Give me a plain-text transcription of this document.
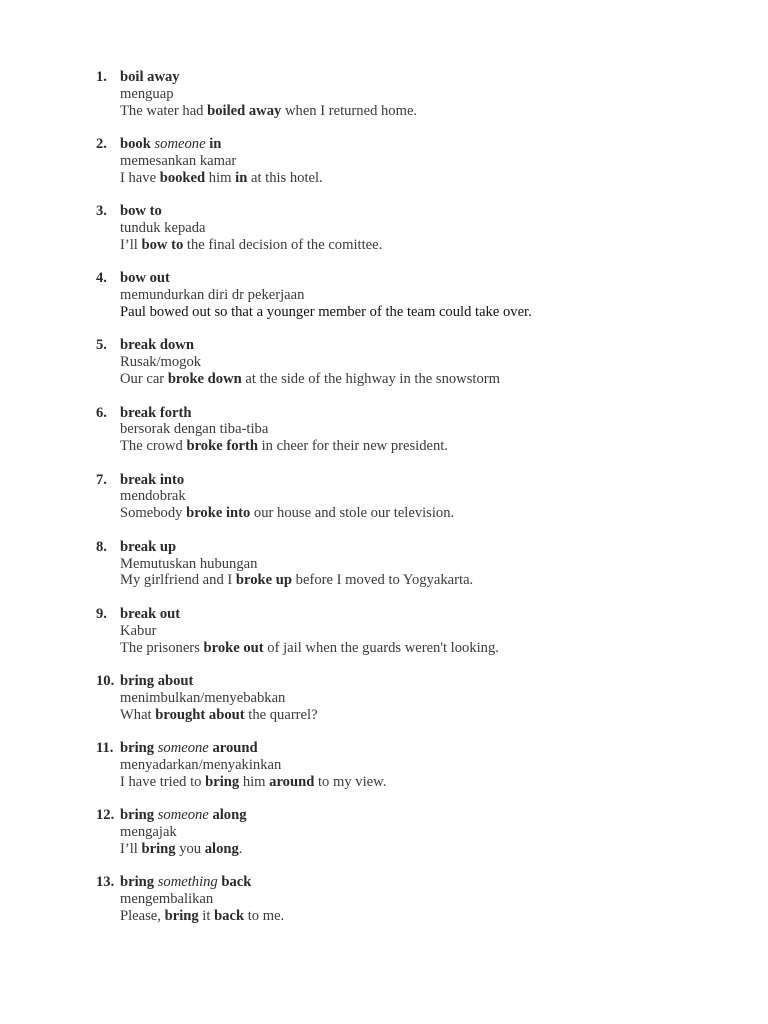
1. boil away
menguap
The water had boiled away when I returned home.
2. book someone in
memesankan kamar
I have booked him in at this hotel.
3. bow to
tunduk kepada
I’ll bow to the final decision of the comittee.
4. bow out
memundurkan diri dr pekerjaan
Paul bowed out so that a younger member of the team could take over.
5. break down
Rusak/mogok
Our car broke down at the side of the highway in the snowstorm
6. break forth
bersorak dengan tiba-tiba
The crowd broke forth in cheer for their new president.
7. break into
mendobrak
Somebody broke into our house and stole our television.
8. break up
Memutuskan hubungan
My girlfriend and I broke up before I moved to Yogyakarta.
9. break out
Kabur
The prisoners broke out of jail when the guards weren't looking.
10. bring about
menimbulkan/menyebabkan
What brought about the quarrel?
11. bring someone around
menyadarkan/menyakinkan
I have tried to bring him around to my view.
12. bring someone along
mengajak
I’ll bring you along.
13. bring something back
mengembalikan
Please, bring it back to me.
